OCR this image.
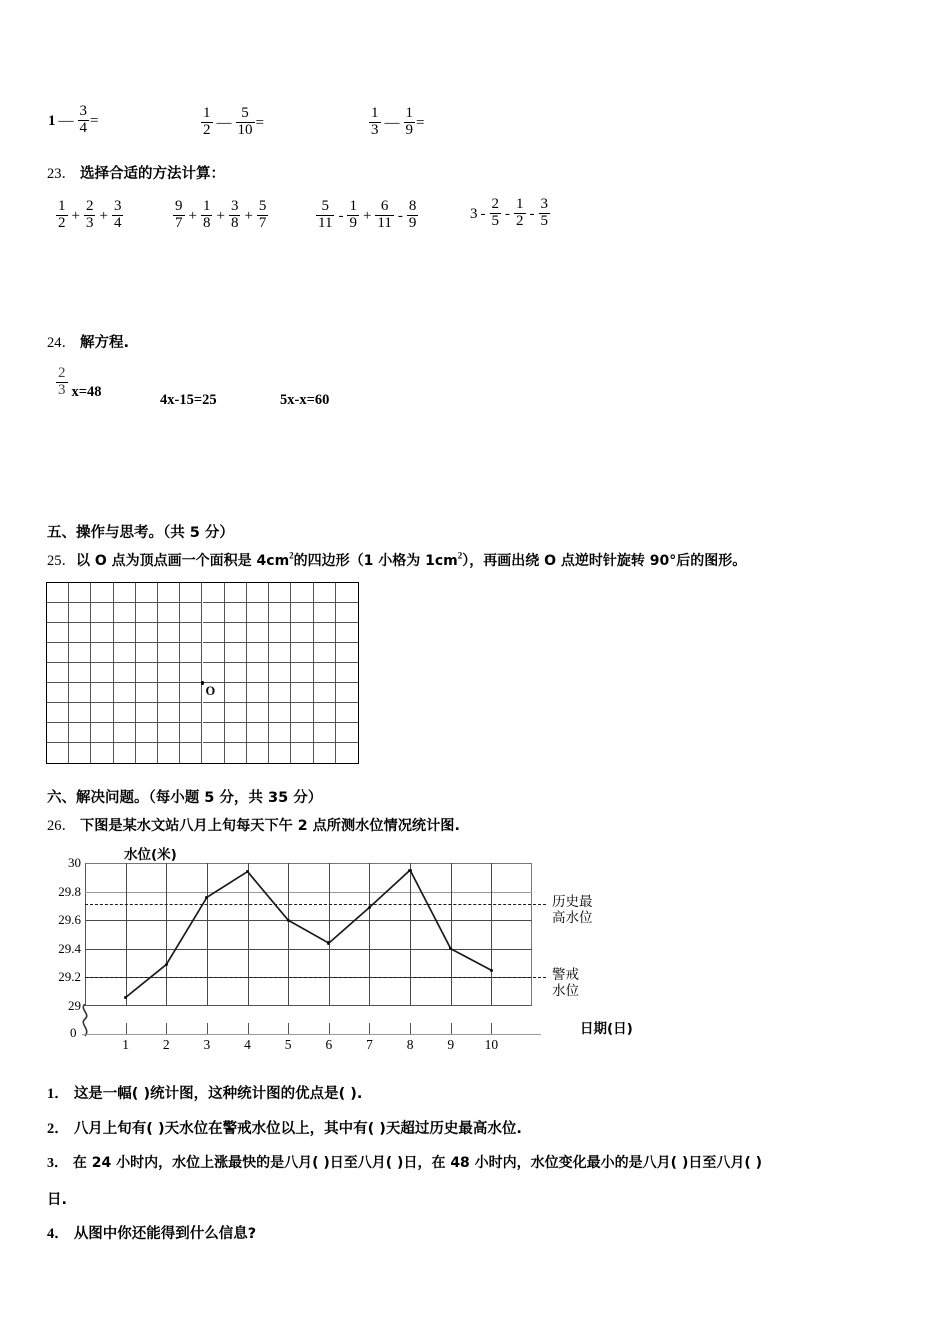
1 — $\frac{3}{4}$ =	$\frac{1}{2}$ — $\frac{5}{10}$ =	$\frac{1}{3}$ — $\frac{1}{9}$ =
23． 选择合适的方法计算：
$\frac{1}{2} + \frac{2}{3} + \frac{3}{4}$	$\frac{9}{7} + \frac{1}{8} + \frac{3}{8} + \frac{5}{7}$	$\frac{5}{11} - \frac{1}{9} + \frac{6}{11} - \frac{8}{9}$	$3 - \frac{2}{5} - \frac{1}{2} - \frac{3}{5}$
24． 解方程.
$\frac{2}{3} x=48$
4x-15=25	5x-x=60
五、操作与思考。（共 5 分）
25．以 O 点为顶点画一个面积是 $4cm^2$的四边形（1 小格为 $1cm^2$），再画出绕 O 点逆时针旋转 90°后的图形。
O
六、解决问题。（每小题 5 分，共 35 分）
26． 下图是某水文站八月上旬每天下午 2 点所测水位情况统计图.
水位(米)
日期(日)
历史最
高水位
警戒
水位
30
29.8
29.6
29.4
29.2
29
0
1	2	3	4	5	6	7	8	9	10
1． 这是一幅( )统计图，这种统计图的优点是( ).
2． 八月上旬有( )天水位在警戒水位以上，其中有( )天超过历史最高水位.
3． 在 24 小时内，水位上涨最快的是八月( )日至八月( )日，在 48 小时内，水位变化最小的是八月( )日至八月( )
日.
4． 从图中你还能得到什么信息?
